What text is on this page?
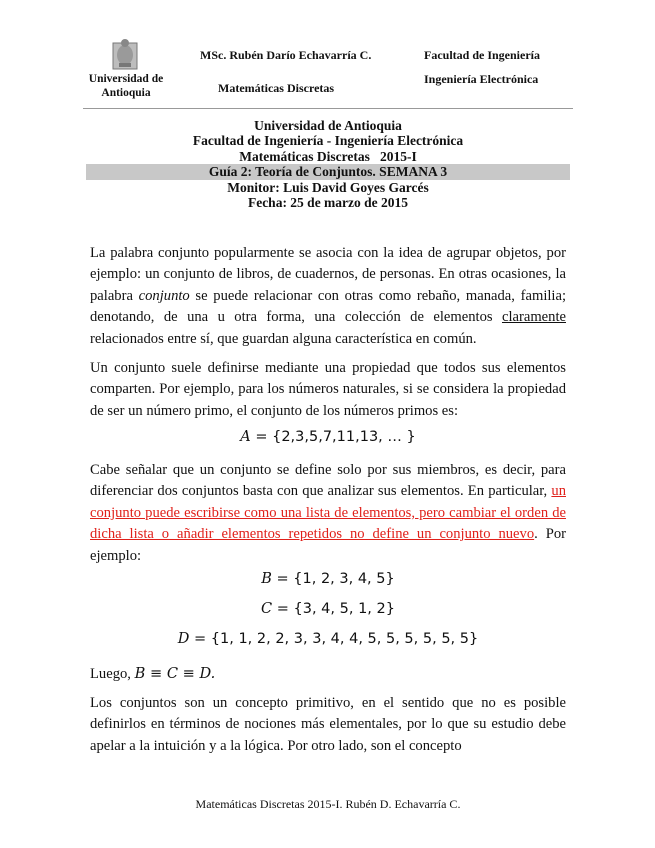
Universidad de Antioquia
MSc. Rubén Darío Echavarría C.
Matemáticas Discretas
Facultad de Ingeniería
Ingeniería Electrónica
Universidad de Antioquia
Facultad de Ingeniería - Ingeniería Electrónica
Matemáticas Discretas   2015-I
Guía 2: Teoría de Conjuntos. SEMANA 3
Monitor: Luis David Goyes Garcés
Fecha: 25 de marzo de 2015
La palabra conjunto popularmente se asocia con la idea de agrupar objetos, por ejemplo: un conjunto de libros, de cuadernos, de personas. En otras ocasiones, la palabra conjunto se puede relacionar con otras como rebaño, manada, familia; denotando, de una u otra forma, una colección de elementos claramente relacionados entre sí, que guardan alguna característica en común.
Un conjunto suele definirse mediante una propiedad que todos sus elementos comparten. Por ejemplo, para los números naturales, si se considera la propiedad de ser un número primo, el conjunto de los números primos es:
A = {2,3,5,7,11,13, … }
Cabe señalar que un conjunto se define solo por sus miembros, es decir, para diferenciar dos conjuntos basta con que analizar sus elementos. En particular, un conjunto puede escribirse como una lista de elementos, pero cambiar el orden de dicha lista o añadir elementos repetidos no define un conjunto nuevo. Por ejemplo:
B = {1, 2, 3, 4, 5}
C = {3, 4, 5, 1, 2}
D = {1, 1, 2, 2, 3, 3, 4, 4, 5, 5, 5, 5, 5, 5}
Luego, B ≡ C ≡ D.
Los conjuntos son un concepto primitivo, en el sentido que no es posible definirlos en términos de nociones más elementales, por lo que su estudio debe apelar a la intuición y a la lógica. Por otro lado, son el concepto
Matemáticas Discretas 2015-I. Rubén D. Echavarría C.
